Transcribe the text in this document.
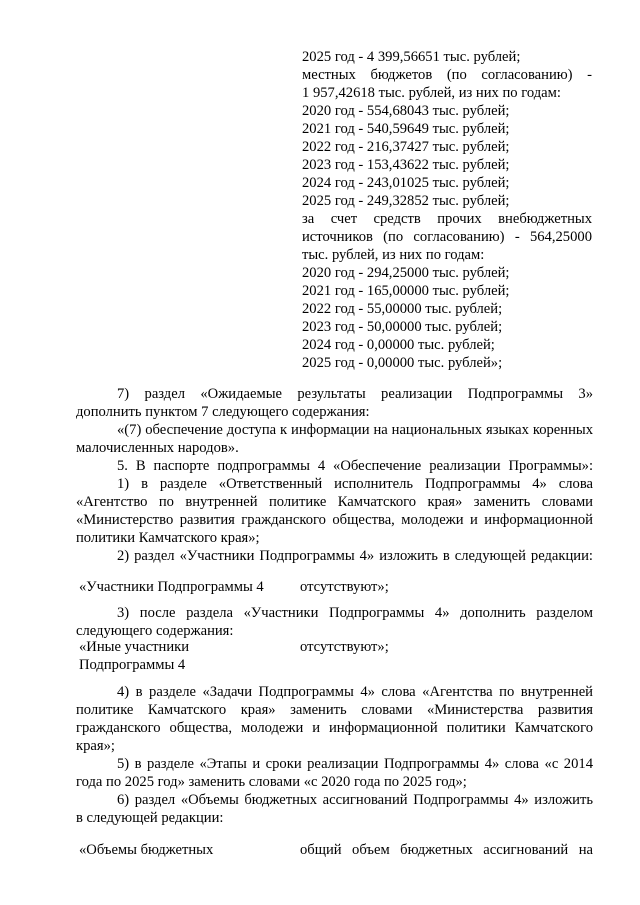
2025 год - 4 399,56651 тыс. рублей;
местных бюджетов (по согласованию) -
1 957,42618 тыс. рублей, из них по годам:
2020 год - 554,68043 тыс. рублей;
2021 год - 540,59649 тыс. рублей;
2022 год - 216,37427 тыс. рублей;
2023 год - 153,43622 тыс. рублей;
2024 год - 243,01025 тыс. рублей;
2025 год - 249,32852 тыс. рублей;
за счет средств прочих внебюджетных
источников (по согласованию) - 564,25000
тыс. рублей, из них по годам:
2020 год - 294,25000 тыс. рублей;
2021 год - 165,00000 тыс. рублей;
2022 год - 55,00000 тыс. рублей;
2023 год - 50,00000 тыс. рублей;
2024 год - 0,00000 тыс. рублей;
2025 год - 0,00000 тыс. рублей»;
7) раздел «Ожидаемые результаты реализации Подпрограммы 3»
дополнить пунктом 7 следующего содержания:
«(7) обеспечение доступа к информации на национальных языках коренных
малочисленных народов».
5. В паспорте подпрограммы 4 «Обеспечение реализации Программы»:
1) в разделе «Ответственный исполнитель Подпрограммы 4» слова
«Агентство по внутренней политике Камчатского края» заменить словами
«Министерство развития гражданского общества, молодежи и информационной
политики Камчатского края»;
2) раздел «Участники Подпрограммы 4» изложить в следующей редакции:
«Участники Подпрограммы 4 отсутствуют»;
3) после раздела «Участники Подпрограммы 4» дополнить разделом
следующего содержания:
«Иные участники	отсутствуют»;
Подпрограммы 4
4) в разделе «Задачи Подпрограммы 4» слова «Агентства по внутренней
политике Камчатского края» заменить словами «Министерства развития
гражданского общества, молодежи и информационной политики Камчатского
края»;
5) в разделе «Этапы и сроки реализации Подпрограммы 4» слова «с 2014
года по 2025 год» заменить словами «с 2020 года по 2025 год»;
6) раздел «Объемы бюджетных ассигнований Подпрограммы 4» изложить
в следующей редакции:
«Объемы бюджетных	общий объем бюджетных ассигнований на
